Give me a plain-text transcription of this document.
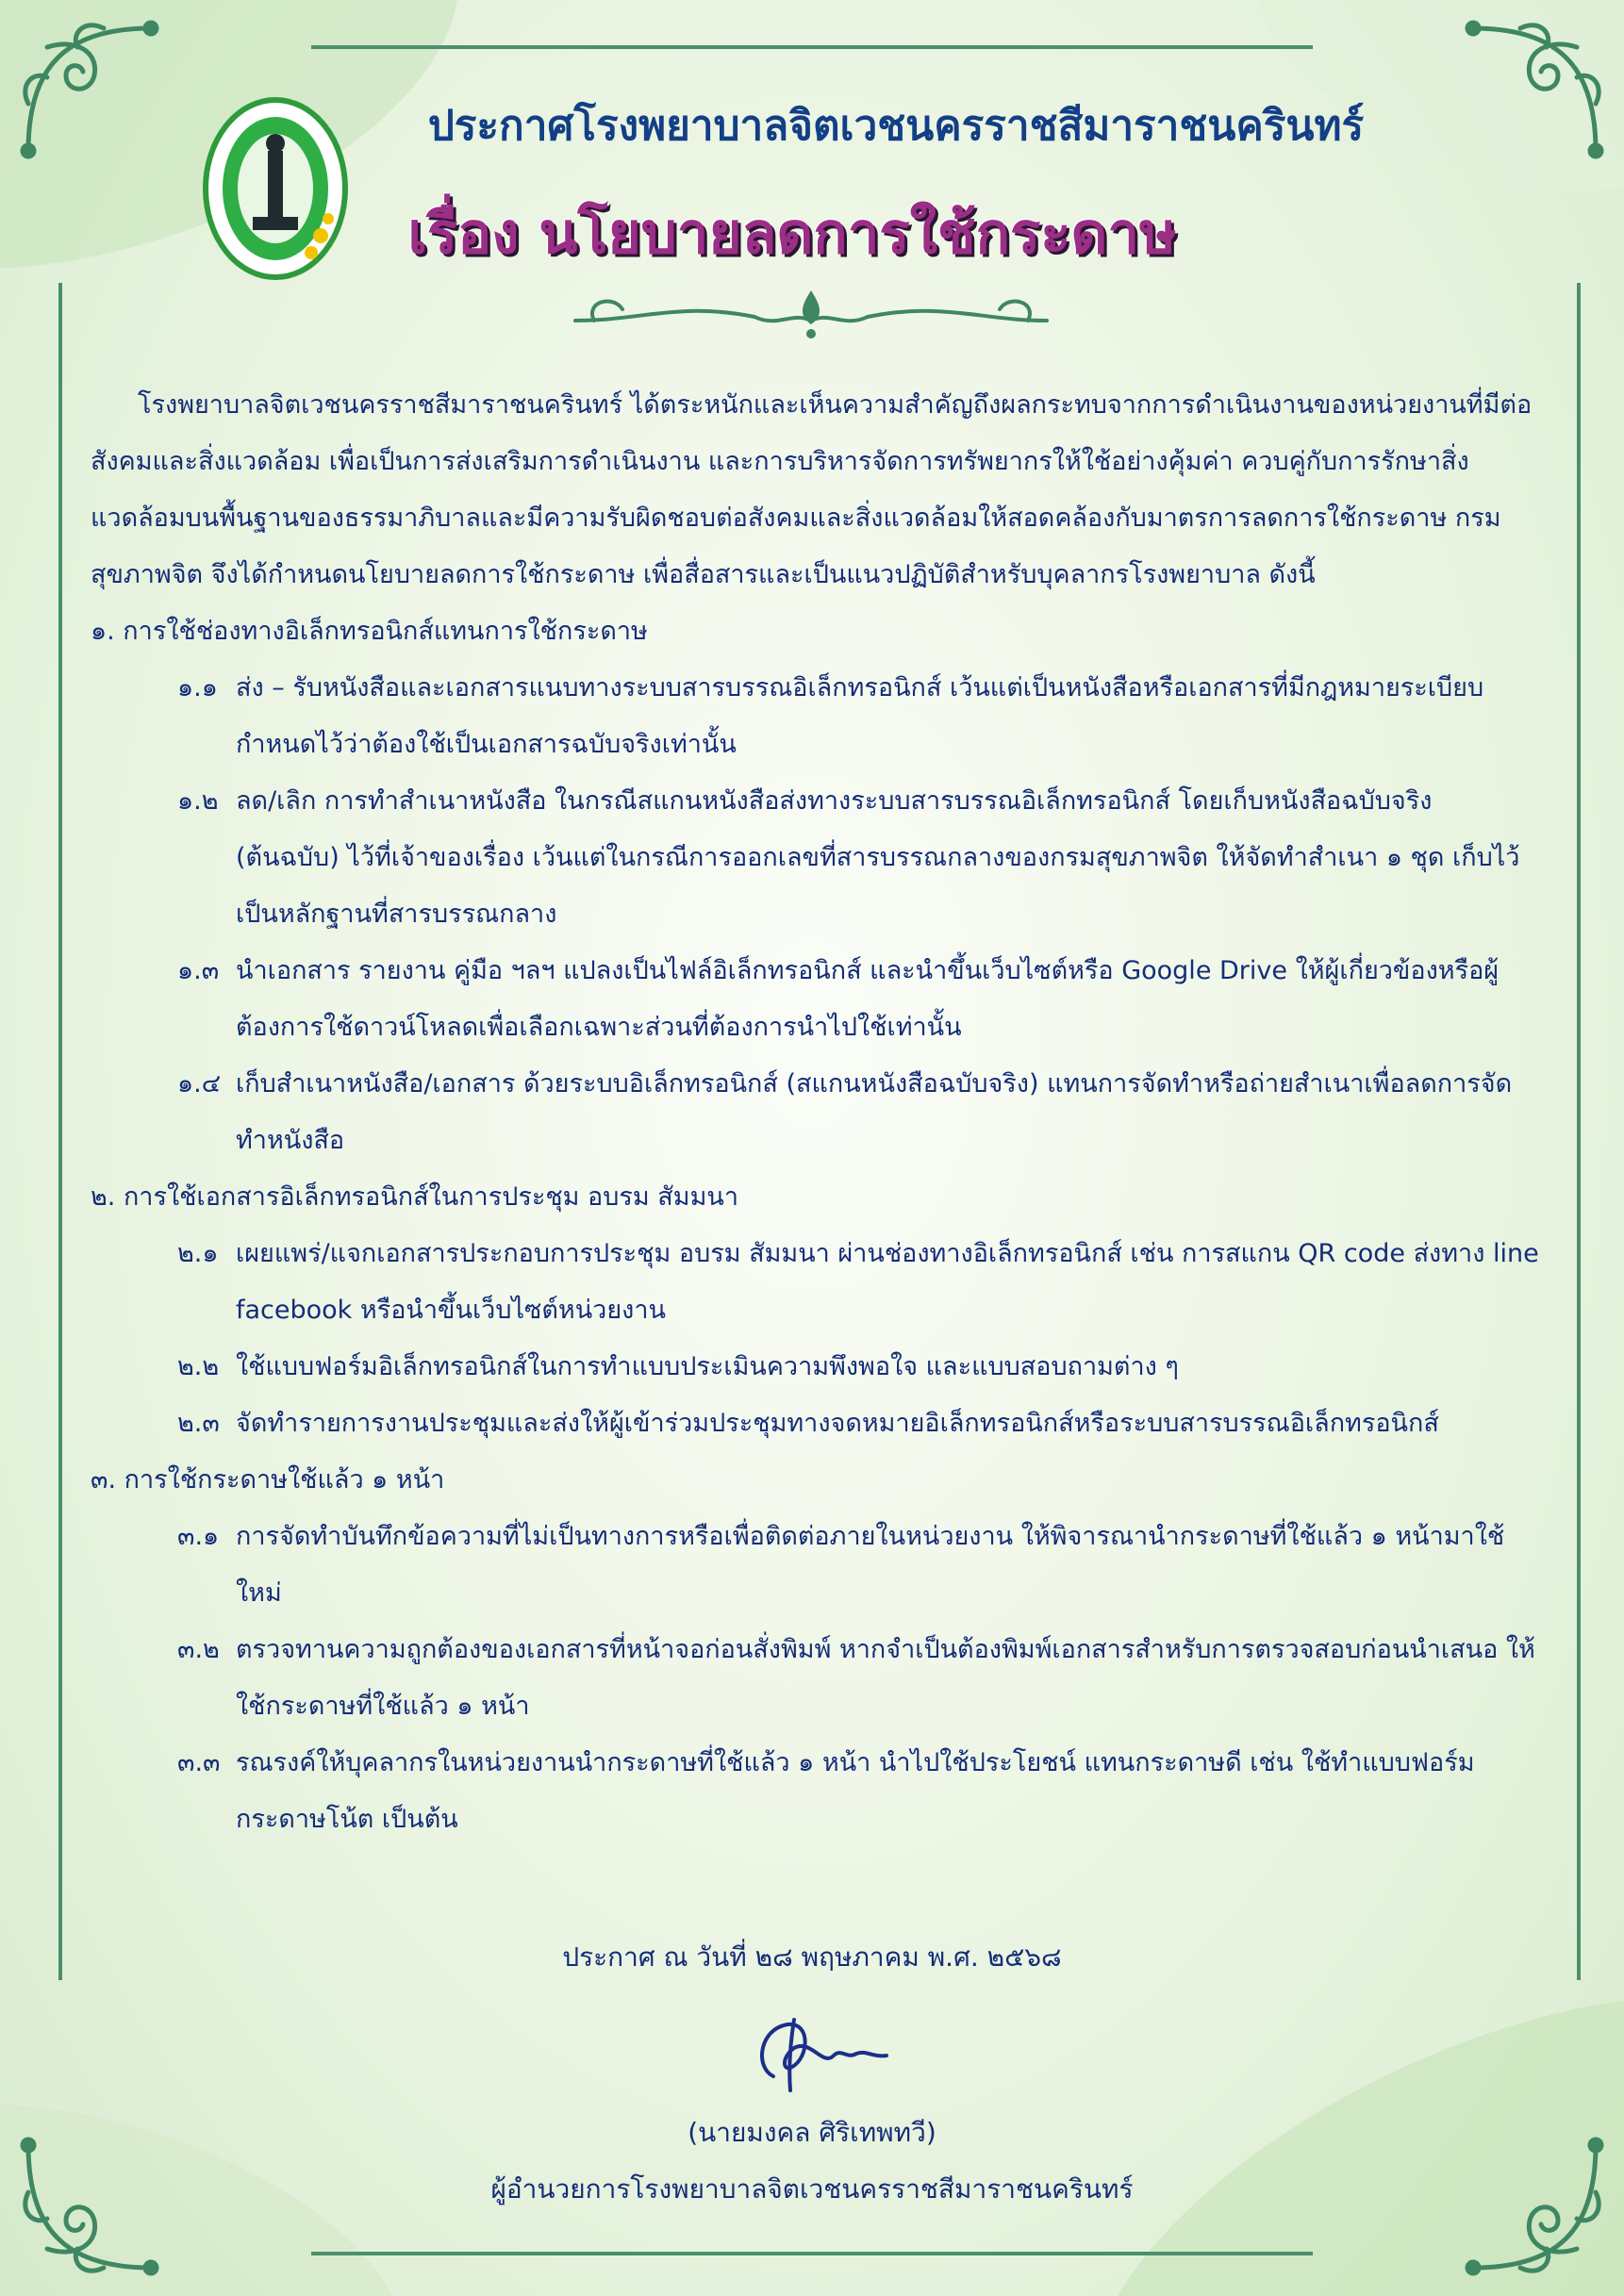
ประกาศโรงพยาบาลจิตเวชนครราชสีมาราชนครินทร์
เรื่อง นโยบายลดการใช้กระดาษ

โรงพยาบาลจิตเวชนครราชสีมาราชนครินทร์ ได้ตระหนักและเห็นความสำคัญถึงผลกระทบจากการดำเนินงานของหน่วยงานที่มีต่อสังคมและสิ่งแวดล้อม เพื่อเป็นการส่งเสริมการดำเนินงาน และการบริหารจัดการทรัพยากรให้ใช้อย่างคุ้มค่า ควบคู่กับการรักษาสิ่งแวดล้อมบนพื้นฐานของธรรมาภิบาลและมีความรับผิดชอบต่อสังคมและสิ่งแวดล้อมให้สอดคล้องกับมาตรการลดการใช้กระดาษ กรมสุขภาพจิต จึงได้กำหนดนโยบายลดการใช้กระดาษ เพื่อสื่อสารและเป็นแนวปฏิบัติสำหรับบุคลากรโรงพยาบาล ดังนี้

๑. การใช้ช่องทางอิเล็กทรอนิกส์แทนการใช้กระดาษ

๑.๑ ส่ง – รับหนังสือและเอกสารแนบทางระบบสารบรรณอิเล็กทรอนิกส์ เว้นแต่เป็นหนังสือหรือเอกสารที่มีกฎหมายระเบียบ กำหนดไว้ว่าต้องใช้เป็นเอกสารฉบับจริงเท่านั้น
๑.๒ ลด/เลิก การทำสำเนาหนังสือ ในกรณีสแกนหนังสือส่งทางระบบสารบรรณอิเล็กทรอนิกส์ โดยเก็บหนังสือฉบับจริง (ต้นฉบับ) ไว้ที่เจ้าของเรื่อง เว้นแต่ในกรณีการออกเลขที่สารบรรณกลางของกรมสุขภาพจิต ให้จัดทำสำเนา ๑ ชุด เก็บไว้เป็นหลักฐานที่สารบรรณกลาง
๑.๓ นำเอกสาร รายงาน คู่มือ ฯลฯ แปลงเป็นไฟล์อิเล็กทรอนิกส์ และนำขึ้นเว็บไซต์หรือ Google Drive ให้ผู้เกี่ยวข้องหรือผู้ต้องการใช้ดาวน์โหลดเพื่อเลือกเฉพาะส่วนที่ต้องการนำไปใช้เท่านั้น
๑.๔ เก็บสำเนาหนังสือ/เอกสาร ด้วยระบบอิเล็กทรอนิกส์ (สแกนหนังสือฉบับจริง) แทนการจัดทำหรือถ่ายสำเนาเพื่อลดการจัดทำหนังสือ

๒. การใช้เอกสารอิเล็กทรอนิกส์ในการประชุม อบรม สัมมนา

๒.๑ เผยแพร่/แจกเอกสารประกอบการประชุม อบรม สัมมนา ผ่านช่องทางอิเล็กทรอนิกส์ เช่น การสแกน QR code ส่งทาง line facebook หรือนำขึ้นเว็บไซต์หน่วยงาน
๒.๒ ใช้แบบฟอร์มอิเล็กทรอนิกส์ในการทำแบบประเมินความพึงพอใจ และแบบสอบถามต่าง ๆ
๒.๓ จัดทำรายการงานประชุมและส่งให้ผู้เข้าร่วมประชุมทางจดหมายอิเล็กทรอนิกส์หรือระบบสารบรรณอิเล็กทรอนิกส์

๓. การใช้กระดาษใช้แล้ว ๑ หน้า

๓.๑ การจัดทำบันทึกข้อความที่ไม่เป็นทางการหรือเพื่อติดต่อภายในหน่วยงาน ให้พิจารณานำกระดาษที่ใช้แล้ว ๑ หน้ามาใช้ใหม่
๓.๒ ตรวจทานความถูกต้องของเอกสารที่หน้าจอก่อนสั่งพิมพ์ หากจำเป็นต้องพิมพ์เอกสารสำหรับการตรวจสอบก่อนนำเสนอ ให้ใช้กระดาษที่ใช้แล้ว ๑ หน้า
๓.๓ รณรงค์ให้บุคลากรในหน่วยงานนำกระดาษที่ใช้แล้ว ๑ หน้า นำไปใช้ประโยชน์ แทนกระดาษดี เช่น ใช้ทำแบบฟอร์มกระดาษโน้ต เป็นต้น
ประกาศ ณ วันที่ ๒๘ พฤษภาคม พ.ศ. ๒๕๖๘
(นายมงคล ศิริเทพทวี)
ผู้อำนวยการโรงพยาบาลจิตเวชนครราชสีมาราชนครินทร์
